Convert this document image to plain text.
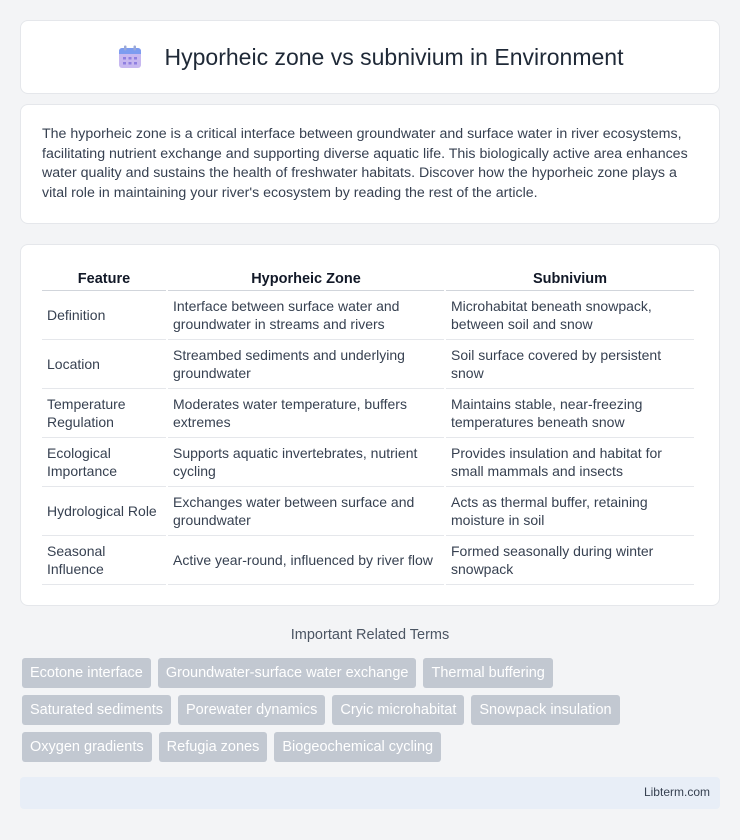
Hyporheic zone vs subnivium in Environment

The hyporheic zone is a critical interface between groundwater and surface water in river ecosystems, facilitating nutrient exchange and supporting diverse aquatic life. This biologically active area enhances water quality and sustains the health of freshwater habitats. Discover how the hyporheic zone plays a vital role in maintaining your river's ecosystem by reading the rest of the article.

Feature	Hyporheic Zone	Subnivium
Definition	Interface between surface water and groundwater in streams and rivers	Microhabitat beneath snowpack, between soil and snow
Location	Streambed sediments and underlying groundwater	Soil surface covered by persistent snow
Temperature Regulation	Moderates water temperature, buffers extremes	Maintains stable, near-freezing temperatures beneath snow
Ecological Importance	Supports aquatic invertebrates, nutrient cycling	Provides insulation and habitat for small mammals and insects
Hydrological Role	Exchanges water between surface and groundwater	Acts as thermal buffer, retaining moisture in soil
Seasonal Influence	Active year-round, influenced by river flow	Formed seasonally during winter snowpack
Important Related Terms
Ecotone interface	Groundwater-surface water exchange	Thermal buffering
Saturated sediments	Porewater dynamics	Cryic microhabitat	Snowpack insulation
Oxygen gradients	Refugia zones	Biogeochemical cycling
Libterm.com
